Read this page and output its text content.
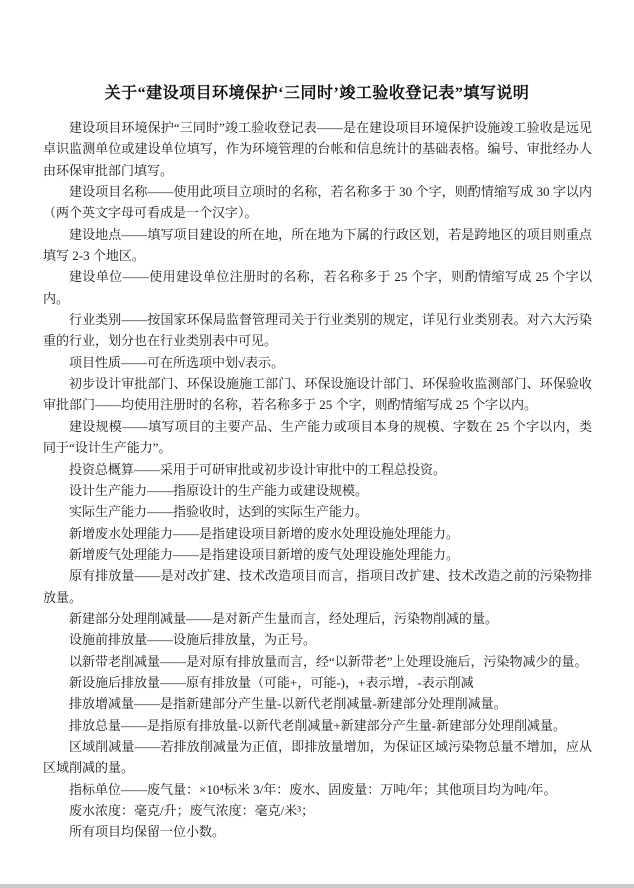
关于“建设项目环境保护‘三同时’竣工验收登记表”填写说明

建设项目环境保护“三同时”竣工验收登记表——是在建设项目环境保护设施竣工验收是远见卓识监测单位或建设单位填写，作为环境管理的台帐和信息统计的基础表格。编号、审批经办人由环保审批部门填写。

建设项目名称——使用此项目立项时的名称，若名称多于 30 个字，则酌情缩写成 30 字以内（两个英文字母可看成是一个汉字）。

建设地点——填写项目建设的所在地，所在地为下属的行政区划，若是跨地区的项目则重点填写 2-3 个地区。

建设单位——使用建设单位注册时的名称，若名称多于 25 个字，则酌情缩写成 25 个字以内。

行业类别——按国家环保局监督管理司关于行业类别的规定，详见行业类别表。对六大污染重的行业，划分也在行业类别表中可见。

项目性质——可在所选项中划√表示。

初步设计审批部门、环保设施施工部门、环保设施设计部门、环保验收监测部门、环保验收审批部门——均使用注册时的名称，若名称多于 25 个字，则酌情缩写成 25 个字以内。

建设规模——填写项目的主要产品、生产能力或项目本身的规模、字数在 25 个字以内，类同于“设计生产能力”。

投资总概算——采用于可研审批或初步设计审批中的工程总投资。

设计生产能力——指原设计的生产能力或建设规模。

实际生产能力——指验收时，达到的实际生产能力。

新增废水处理能力——是指建设项目新增的废水处理设施处理能力。

新增废气处理能力——是指建设项目新增的废气处理设施处理能力。

原有排放量——是对改扩建、技术改造项目而言，指项目改扩建、技术改造之前的污染物排放量。

新建部分处理削减量——是对新产生量而言，经处理后，污染物削减的量。

设施前排放量——设施后排放量，为正号。

以新带老削减量——是对原有排放量而言，经“以新带老”上处理设施后，污染物减少的量。

新设施后排放量——原有排放量（可能+，可能-)，+表示增，-表示削减

排放增减量——是指新建部分产生量-以新代老削减量-新建部分处理削减量。

排放总量——是指原有排放量-以新代老削减量+新建部分产生量-新建部分处理削减量。

区域削减量——若排放削减量为正值，即排放量增加，为保证区域污染物总量不增加，应从区域削减的量。

指标单位——废气量：×10⁴标米 3/年：废水、固废量：万吨/年；其他项目均为吨/年。

废水浓度：毫克/升；废气浓度：毫克/米³；

所有项目均保留一位小数。
